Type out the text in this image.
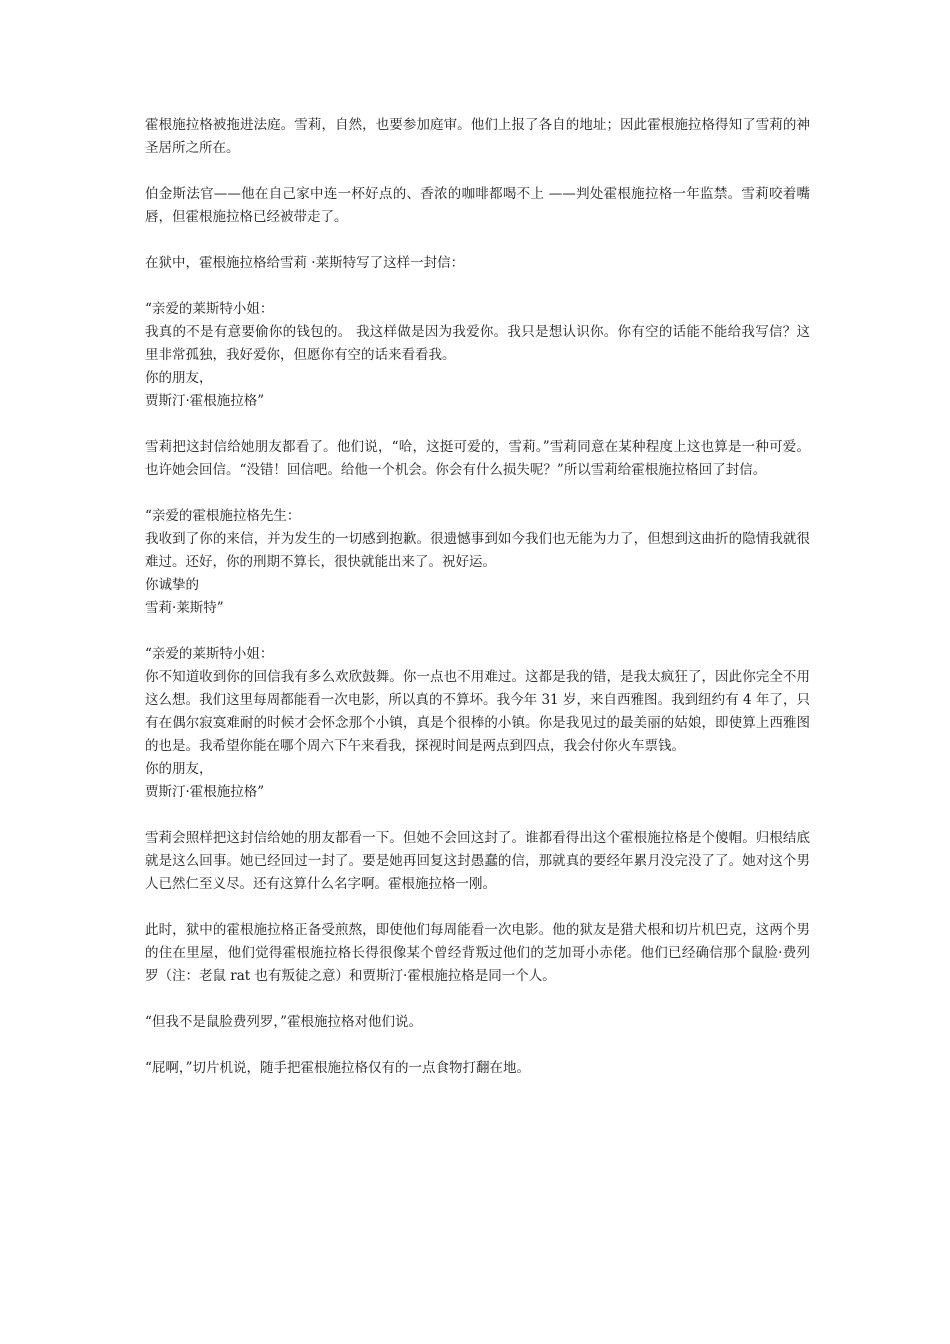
霍根施拉格被拖进法庭。雪莉，自然，也要参加庭审。他们上报了各自的地址；因此霍根施拉格得知了雪莉的神圣居所之所在。

伯金斯法官——他在自己家中连一杯好点的、香浓的咖啡都喝不上 ——判处霍根施拉格一年监禁。雪莉咬着嘴唇，但霍根施拉格已经被带走了。

在狱中，霍根施拉格给雪莉 ·莱斯特写了这样一封信：

“亲爱的莱斯特小姐：
我真的不是有意要偷你的钱包的。 我这样做是因为我爱你。我只是想认识你。你有空的话能不能给我写信？这里非常孤独，我好爱你，但愿你有空的话来看看我。
你的朋友，
贾斯汀·霍根施拉格”

雪莉把这封信给她朋友都看了。他们说，“哈，这挺可爱的，雪莉。”雪莉同意在某种程度上这也算是一种可爱。也许她会回信。“没错！回信吧。给他一个机会。你会有什么损失呢？”所以雪莉给霍根施拉格回了封信。

“亲爱的霍根施拉格先生：
我收到了你的来信，并为发生的一切感到抱歉。很遗憾事到如今我们也无能为力了，但想到这曲折的隐情我就很难过。还好，你的刑期不算长，很快就能出来了。祝好运。
你诚挚的
雪莉·莱斯特”
“亲爱的莱斯特小姐：
你不知道收到你的回信我有多么欢欣鼓舞。你一点也不用难过。这都是我的错，是我太疯狂了，因此你完全不用这么想。我们这里每周都能看一次电影，所以真的不算坏。我今年 31 岁，来自西雅图。我到纽约有 4 年了，只有在偶尔寂寞难耐的时候才会怀念那个小镇，真是个很棒的小镇。你是我见过的最美丽的姑娘，即使算上西雅图的也是。我希望你能在哪个周六下午来看我，探视时间是两点到四点，我会付你火车票钱。
你的朋友，
贾斯汀·霍根施拉格”

雪莉会照样把这封信给她的朋友都看一下。但她不会回这封了。谁都看得出这个霍根施拉格是个傻帽。归根结底就是这么回事。她已经回过一封了。要是她再回复这封愚蠢的信，那就真的要经年累月没完没了了。她对这个男人已然仁至义尽。还有这算什么名字啊。霍根施拉格一刚。

此时，狱中的霍根施拉格正备受煎熬，即使他们每周能看一次电影。他的狱友是猎犬根和切片机巴克，这两个男的住在里屋，他们觉得霍根施拉格长得很像某个曾经背叛过他们的芝加哥小赤佬。他们已经确信那个鼠脸·费列罗（注：老鼠 rat 也有叛徒之意）和贾斯汀·霍根施拉格是同一个人。

“但我不是鼠脸费列罗，”霍根施拉格对他们说。

“屁啊，”切片机说，随手把霍根施拉格仅有的一点食物打翻在地。
